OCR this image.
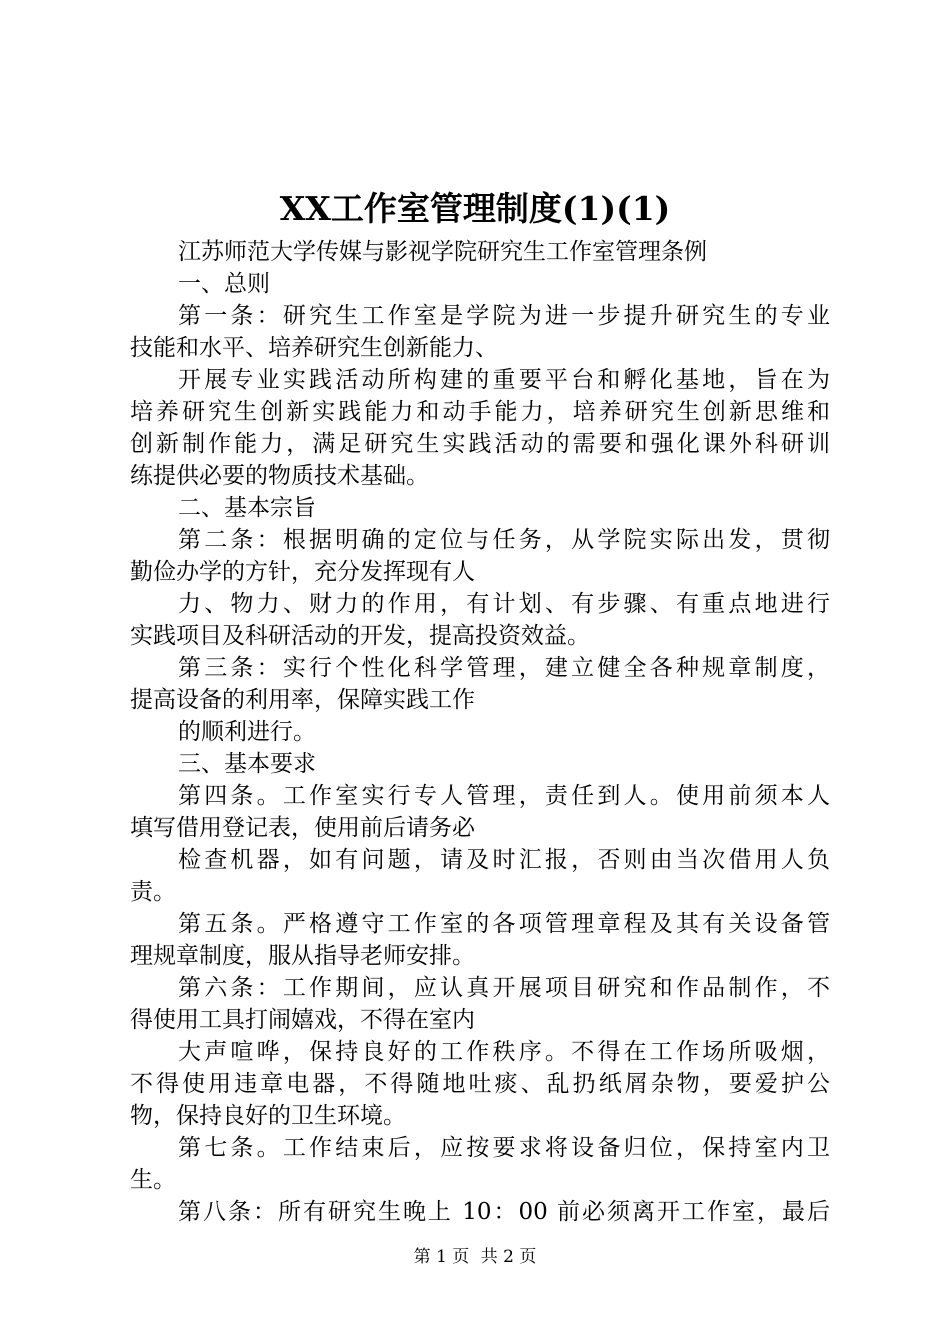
XX工作室管理制度(1)(1)

江苏师范大学传媒与影视学院研究生工作室管理条例

一、总则

第一条：研究生工作室是学院为进一步提升研究生的专业

技能和水平、培养研究生创新能力、

开展专业实践活动所构建的重要平台和孵化基地，旨在为

培养研究生创新实践能力和动手能力，培养研究生创新思维和

创新制作能力，满足研究生实践活动的需要和强化课外科研训

练提供必要的物质技术基础。

二、基本宗旨

第二条：根据明确的定位与任务，从学院实际出发，贯彻

勤俭办学的方针，充分发挥现有人

力、物力、财力的作用，有计划、有步骤、有重点地进行

实践项目及科研活动的开发，提高投资效益。

第三条：实行个性化科学管理，建立健全各种规章制度，

提高设备的利用率，保障实践工作

的顺利进行。

三、基本要求

第四条。工作室实行专人管理，责任到人。使用前须本人

填写借用登记表，使用前后请务必

检查机器，如有问题，请及时汇报，否则由当次借用人负

责。

第五条。严格遵守工作室的各项管理章程及其有关设备管

理规章制度，服从指导老师安排。

第六条：工作期间，应认真开展项目研究和作品制作，不

得使用工具打闹嬉戏，不得在室内

大声喧哗，保持良好的工作秩序。不得在工作场所吸烟，

不得使用违章电器，不得随地吐痰、乱扔纸屑杂物，要爱护公

物，保持良好的卫生环境。

第七条。工作结束后，应按要求将设备归位，保持室内卫

生。

第八条：所有研究生晚上 10：00 前必须离开工作室，最后

第 1 页 共 2 页
